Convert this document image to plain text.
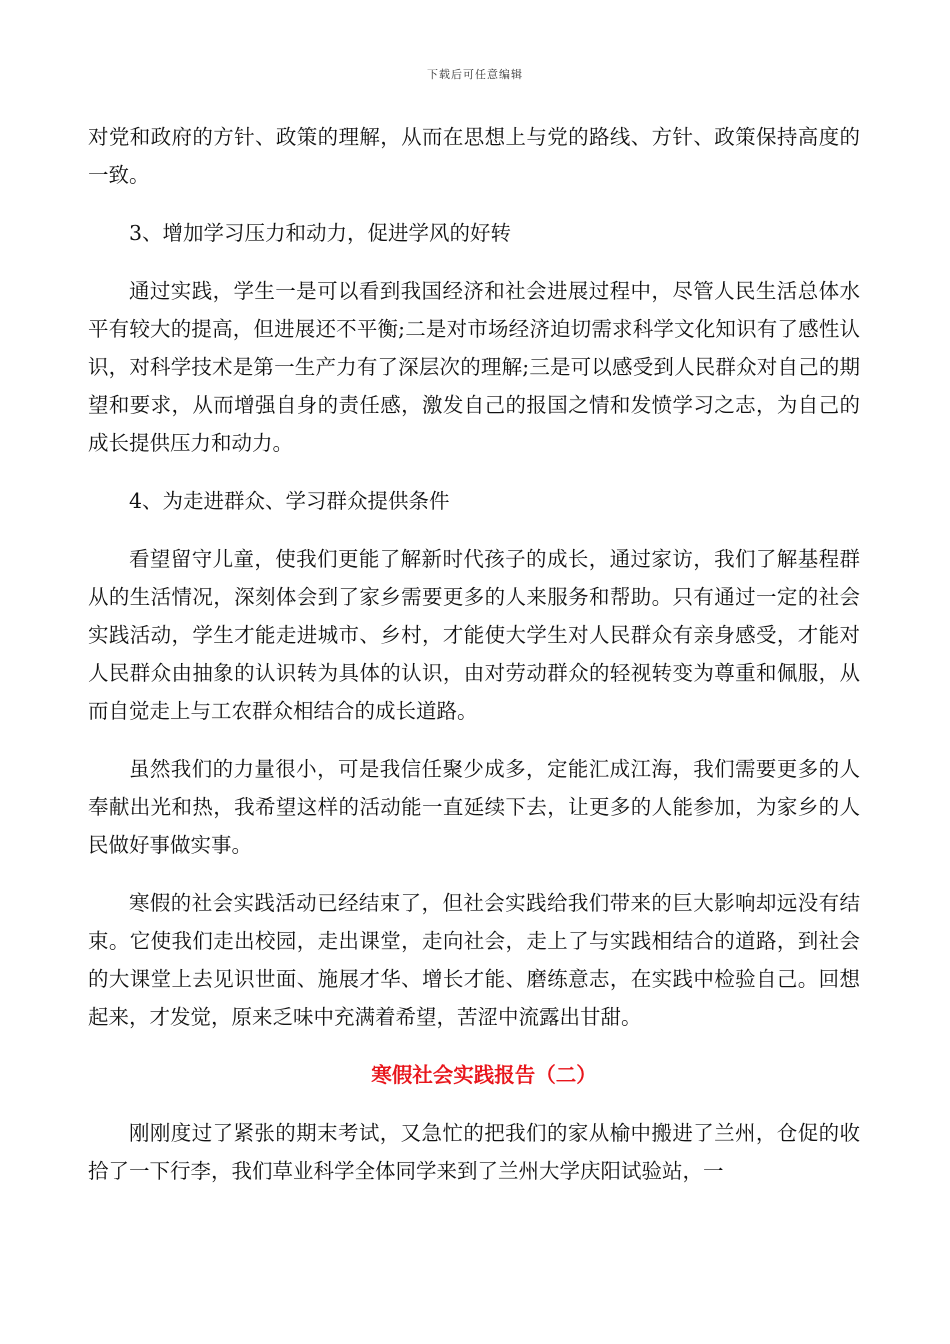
下载后可任意编辑

对党和政府的方针、政策的理解，从而在思想上与党的路线、方针、政策保持高度的一致。

3、增加学习压力和动力，促进学风的好转

通过实践，学生一是可以看到我国经济和社会进展过程中，尽管人民生活总体水平有较大的提高，但进展还不平衡;二是对市场经济迫切需求科学文化知识有了感性认识，对科学技术是第一生产力有了深层次的理解;三是可以感受到人民群众对自己的期望和要求，从而增强自身的责任感，激发自己的报国之情和发愤学习之志，为自己的成长提供压力和动力。

4、为走进群众、学习群众提供条件

看望留守儿童，使我们更能了解新时代孩子的成长，通过家访，我们了解基程群从的生活情况，深刻体会到了家乡需要更多的人来服务和帮助。只有通过一定的社会实践活动，学生才能走进城市、乡村，才能使大学生对人民群众有亲身感受，才能对人民群众由抽象的认识转为具体的认识，由对劳动群众的轻视转变为尊重和佩服，从而自觉走上与工农群众相结合的成长道路。

虽然我们的力量很小，可是我信任聚少成多，定能汇成江海，我们需要更多的人奉献出光和热，我希望这样的活动能一直延续下去，让更多的人能参加，为家乡的人民做好事做实事。

寒假的社会实践活动已经结束了，但社会实践给我们带来的巨大影响却远没有结束。它使我们走出校园，走出课堂，走向社会，走上了与实践相结合的道路，到社会的大课堂上去见识世面、施展才华、增长才能、磨练意志，在实践中检验自己。回想起来，才发觉，原来乏味中充满着希望，苦涩中流露出甘甜。

寒假社会实践报告（二）

刚刚度过了紧张的期末考试，又急忙的把我们的家从榆中搬进了兰州，仓促的收拾了一下行李，我们草业科学全体同学来到了兰州大学庆阳试验站，一
